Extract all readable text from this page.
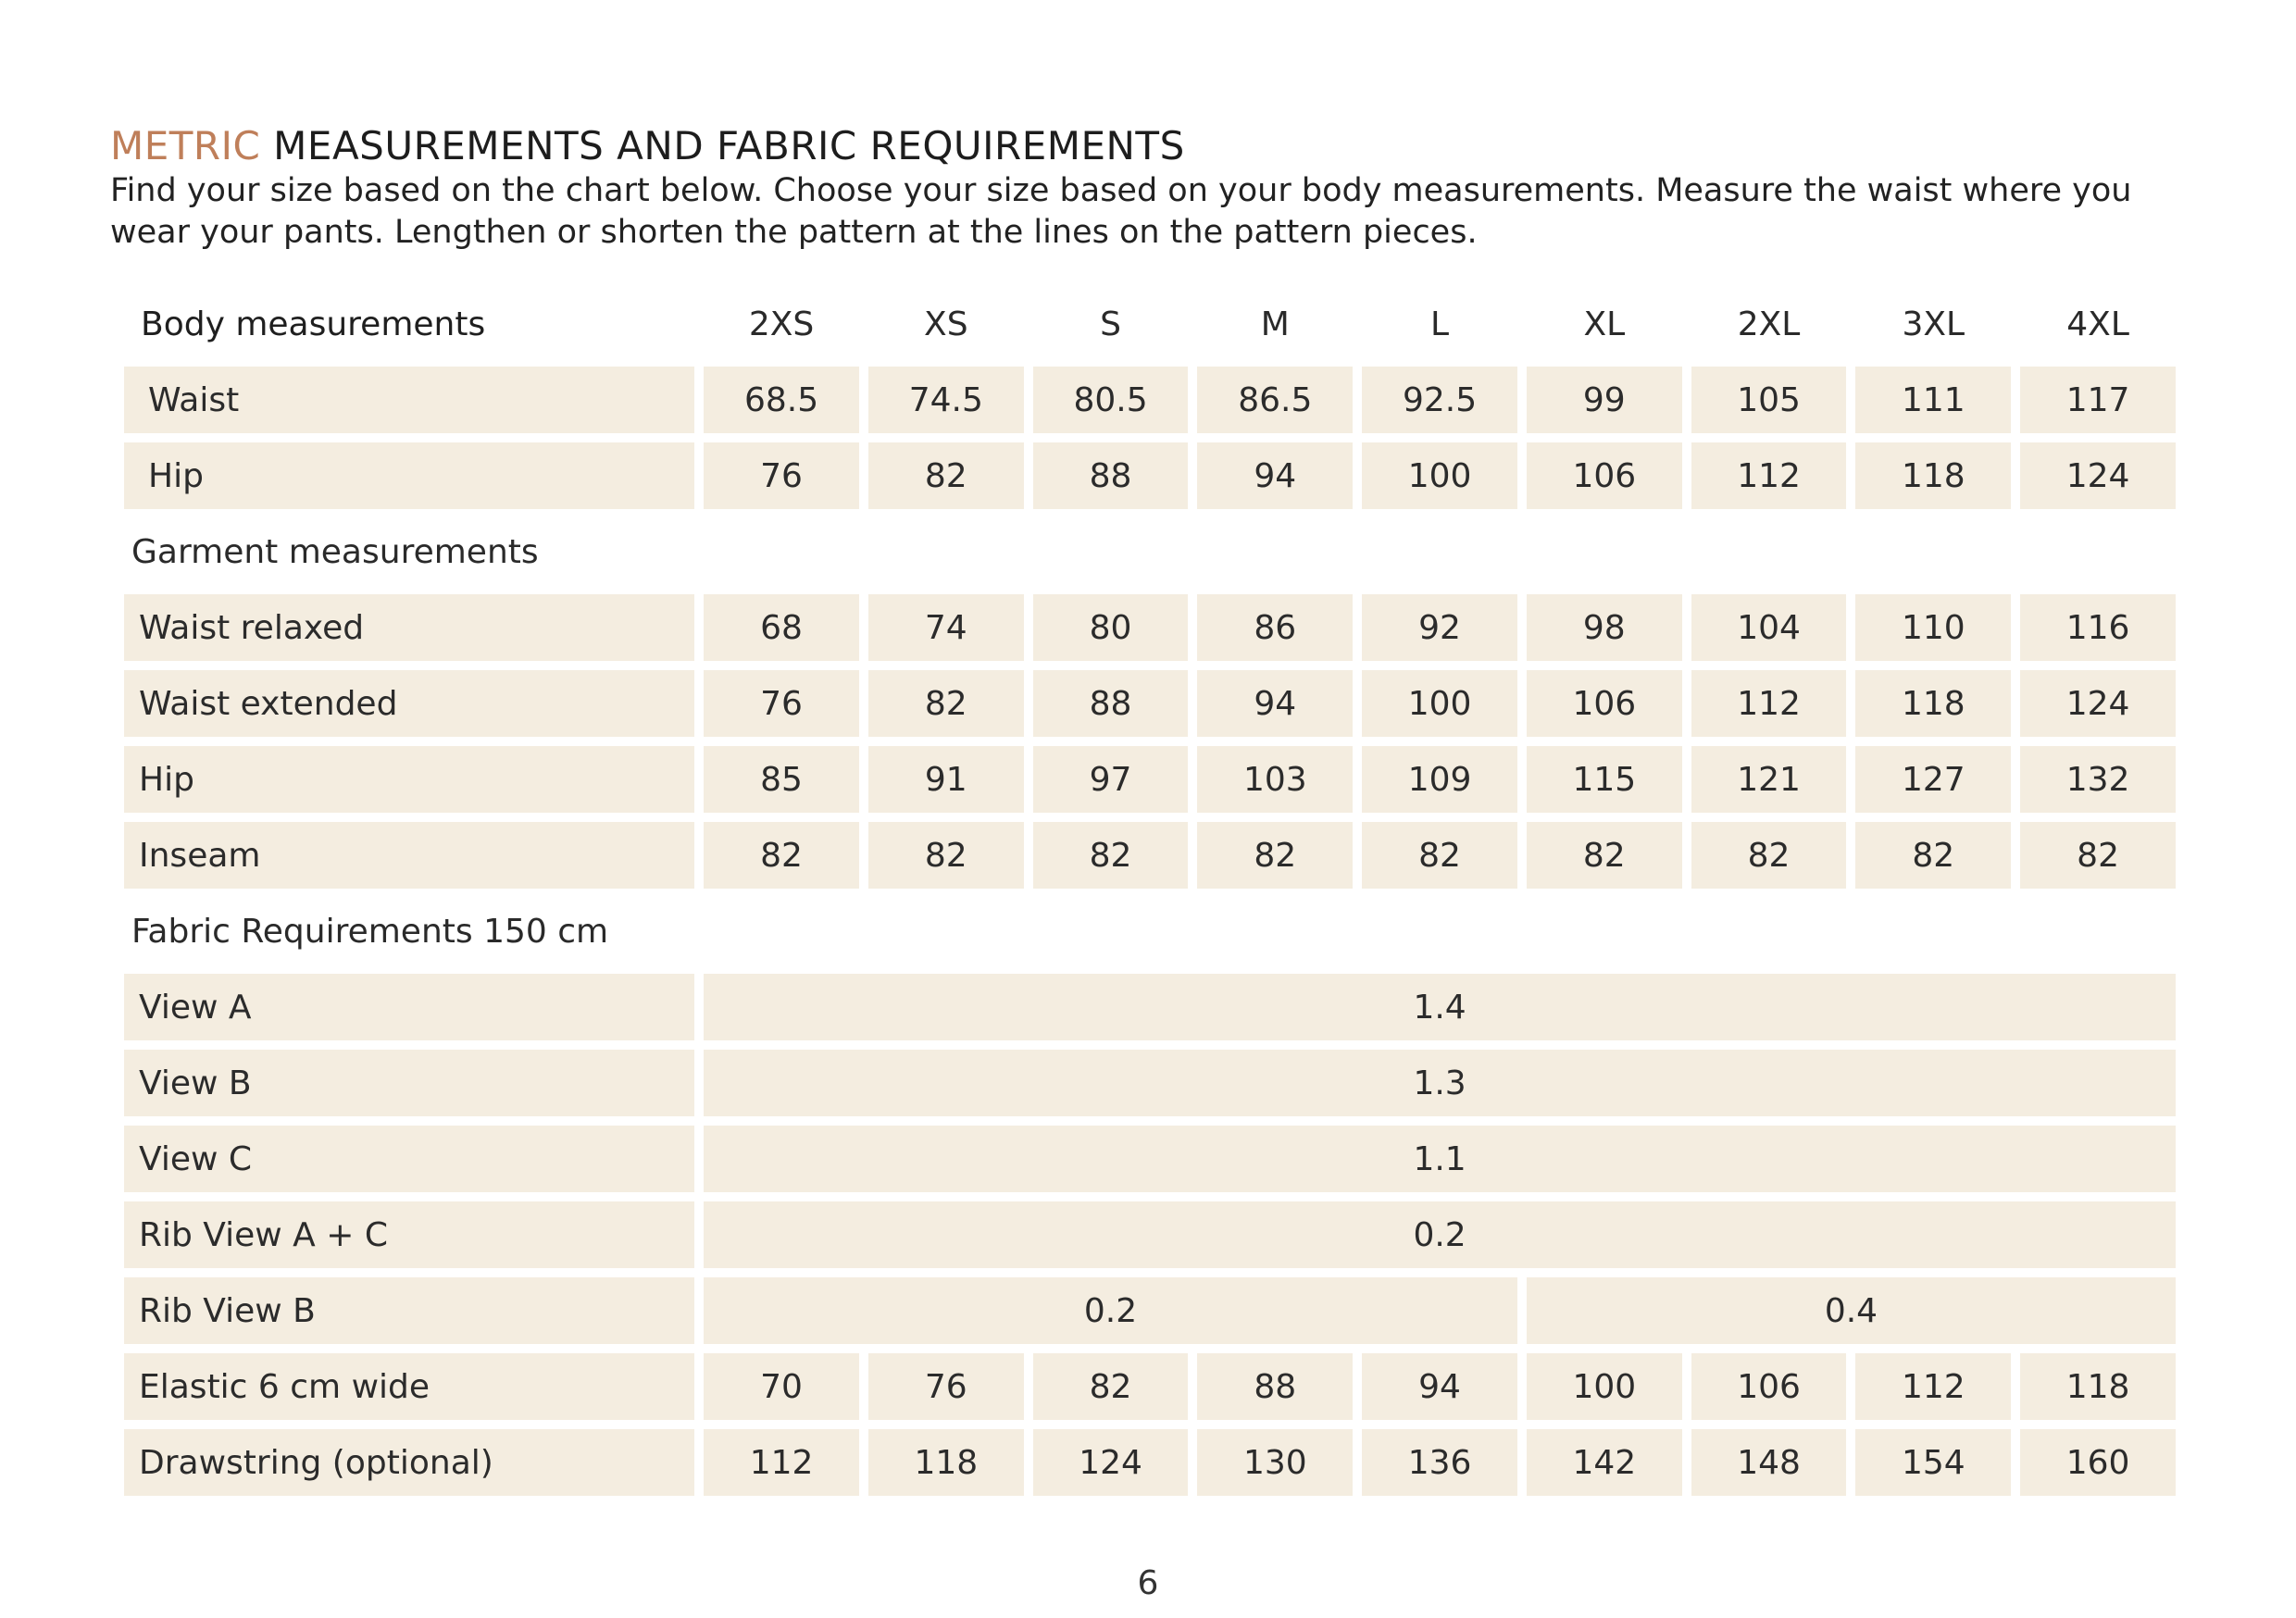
METRIC MEASUREMENTS AND FABRIC REQUIREMENTS

Find your size based on the chart below. Choose your size based on your body measurements. Measure the waist where you wear your pants. Lengthen or shorten the pattern at the lines on the pattern pieces.

Body measurements	2XS	XS	S	M	L	XL	2XL	3XL	4XL
Waist	68.5	74.5	80.5	86.5	92.5	99	105	111	117
Hip	76	82	88	94	100	106	112	118	124
Garment measurements									
Waist relaxed	68	74	80	86	92	98	104	110	116
Waist extended	76	82	88	94	100	106	112	118	124
Hip	85	91	97	103	109	115	121	127	132
Inseam	82	82	82	82	82	82	82	82	82
Fabric Requirements 150 cm									
View A	1.4								
View B	1.3								
View C	1.1								
Rib View A + C	0.2								
Rib View B	0.2					0.4			
Elastic 6 cm wide	70	76	82	88	94	100	106	112	118
Drawstring (optional)	112	118	124	130	136	142	148	154	160
6
